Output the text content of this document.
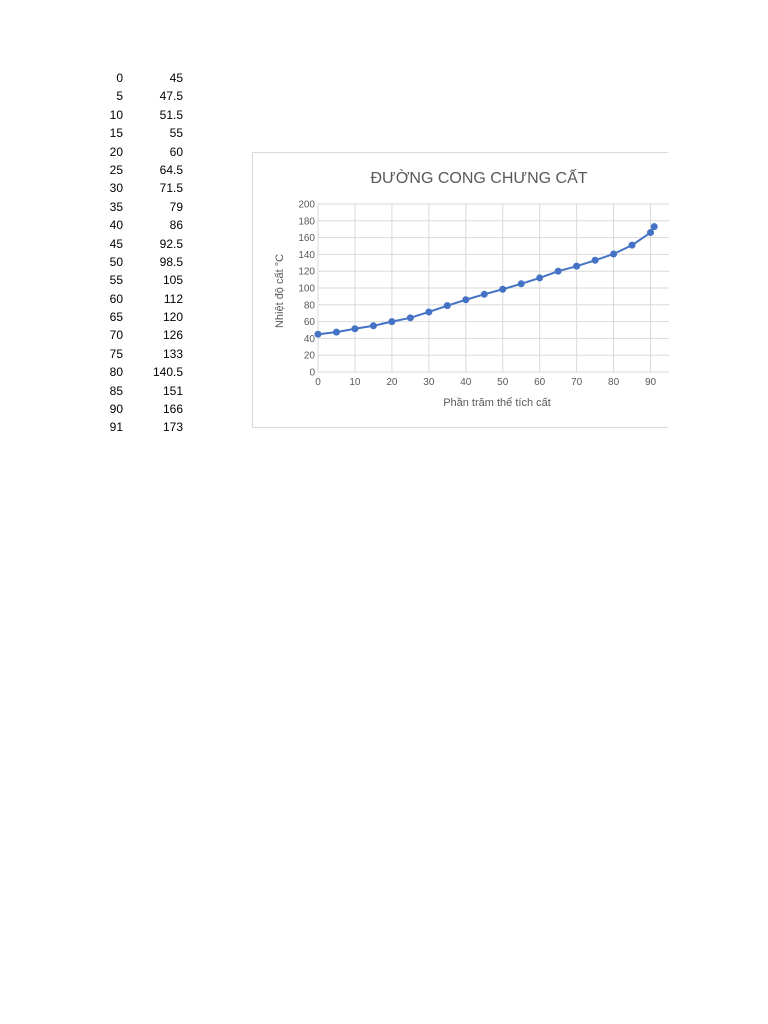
0	45
5	47.5
10	51.5
15	55
20	60
25	64.5
30	71.5
35	79
40	86
45	92.5
50	98.5
55	105
60	112
65	120
70	126
75	133
80	140.5
85	151
90	166
91	173
0
20
40
60
80
100
120
140
160
180
200
0	10	20	30	40	50	60	70	80	90
ĐƯỜNG CONG CHƯNG CẤT
Phần trăm thể tích cất
Nhiệt độ cất °C
